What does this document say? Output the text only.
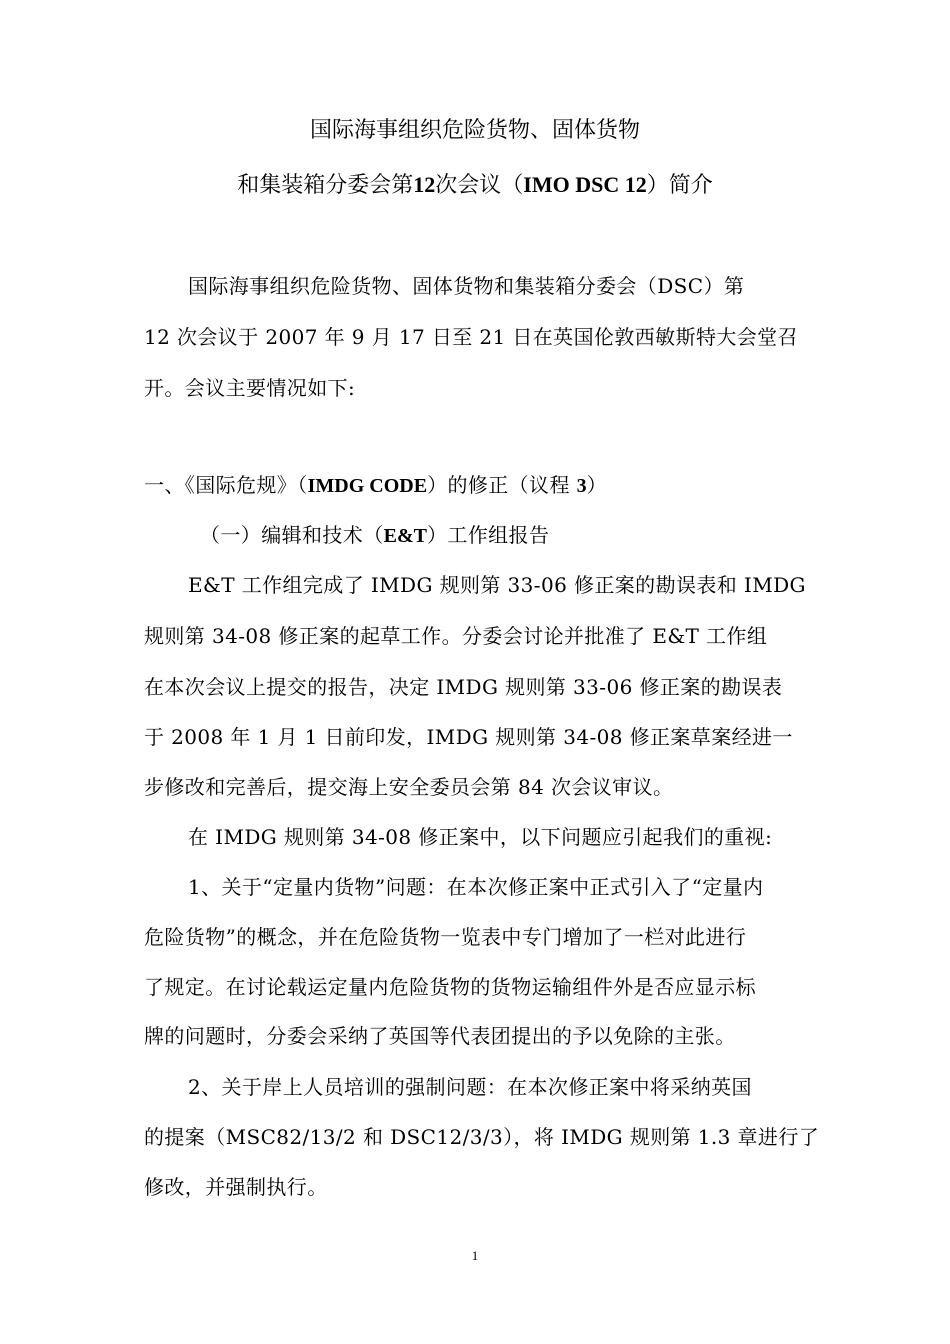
国际海事组织危险货物、固体货物
和集装箱分委会第12次会议（IMO DSC 12）简介
国际海事组织危险货物、固体货物和集装箱分委会（DSC）第
12 次会议于 2007 年 9 月 17 日至 21 日在英国伦敦西敏斯特大会堂召
开。会议主要情况如下:
一、《国际危规》（IMDG CODE）的修正（议程 3）
（一）编辑和技术（E&T）工作组报告
E&T 工作组完成了 IMDG 规则第 33-06 修正案的勘误表和 IMDG
规则第 34-08 修正案的起草工作。分委会讨论并批准了 E&T 工作组
在本次会议上提交的报告，决定 IMDG 规则第 33-06 修正案的勘误表
于 2008 年 1 月 1 日前印发，IMDG 规则第 34-08 修正案草案经进一
步修改和完善后，提交海上安全委员会第 84 次会议审议。
在 IMDG 规则第 34-08 修正案中，以下问题应引起我们的重视:
1、关于“定量内货物”问题：在本次修正案中正式引入了“定量内
危险货物”的概念，并在危险货物一览表中专门增加了一栏对此进行
了规定。在讨论载运定量内危险货物的货物运输组件外是否应显示标
牌的问题时，分委会采纳了英国等代表团提出的予以免除的主张。
2、关于岸上人员培训的强制问题：在本次修正案中将采纳英国
的提案（MSC82/13/2 和 DSC12/3/3），将 IMDG 规则第 1.3 章进行了
修改，并强制执行。
1
